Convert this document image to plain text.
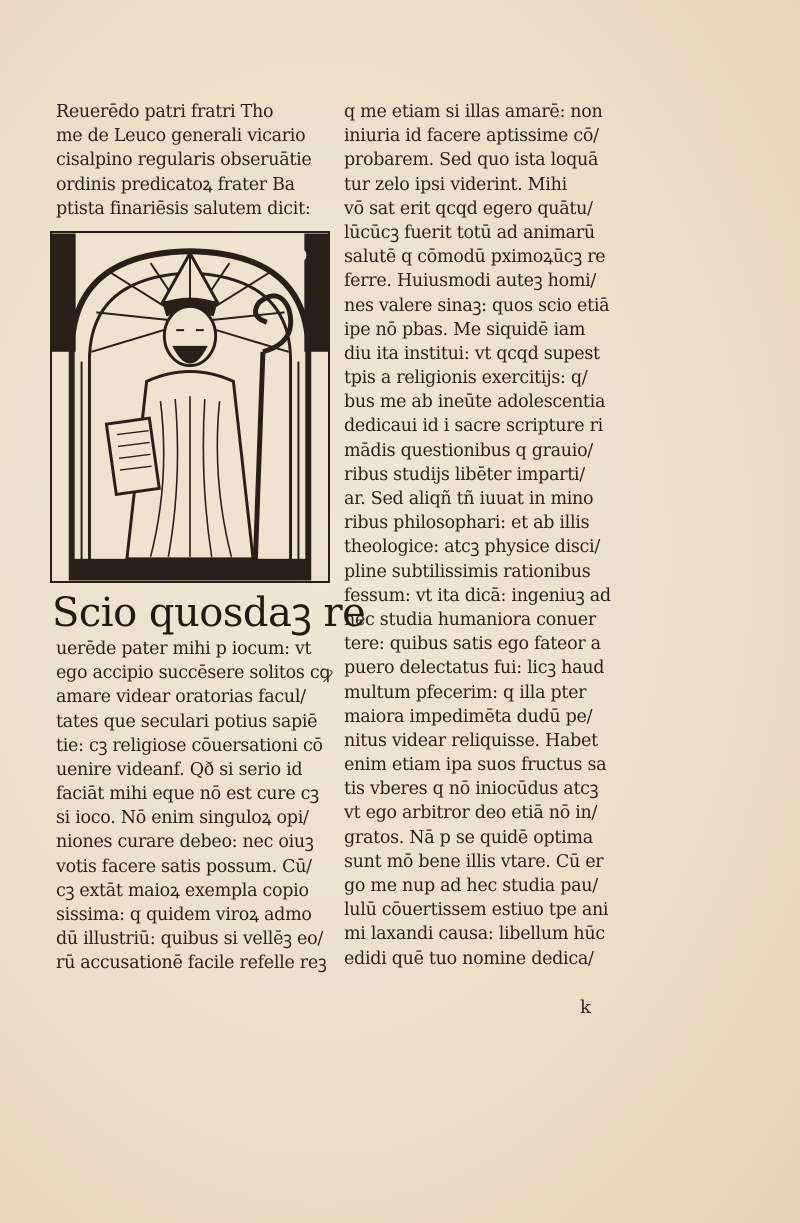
Reuerēdo patri fratri Tho
me de Leuco generali vicario
cisalpino regularis obseruātie
ordinis predicatoꝝ frater Ba
ptista finariēsis salutem dicit:
Scio quosdaꝫ re
uerēde pater mihi p iocum: vt
ego accipio succēsere solitos cꝙ
amare videar oratorias facul/
tates que seculari potius sapiē
tie: cꝫ religiose cōuersationi cō
uenire videanf. Qð si serio id
faciāt mihi eque nō est cure cꝫ
si ioco. Nō enim singuloꝝ opi/
niones curare debeo: nec oiuꝫ
votis facere satis possum. Cū/
cꝫ extāt maioꝝ exempla copio
sissima: q quidem viroꝝ admo
dū illustriū: quibus si vellēꝫ eo/
rū accusationē facile refelle reꝫ
q me etiam si illas amarē: non
iniuria id facere aptissime cō/
probarem. Sed quo ista loquā
tur zelo ipsi viderint. Mihi
vō sat erit qcqd egero quātu/
lūcūcꝫ fuerit totū ad animarū
salutē q cōmodū pximoꝝūcꝫ re
ferre. Huiusmodi auteꝫ homi/
nes valere sinaꝫ: quos scio etiā
ipe nō pbas. Me siquidē iam
diu ita institui: vt qcqd supest
tpis a religionis exercitijs: q/
bus me ab ineūte adolescentia
dedicaui id i sacre scripture ri
mādis questionibus q grauio/
ribus studijs libēter imparti/
ar. Sed aliqñ tñ iuuat in mino
ribus philosophari: et ab illis
theologice: atcꝫ physice disci/
pline subtilissimis rationibus
fessum: vt ita dicā: ingeniuꝫ ad
hec studia humaniora conuer
tere: quibus satis ego fateor a
puero delectatus fui: licꝫ haud
multum pfecerim: q illa pter
maiora impedimēta dudū pe/
nitus videar reliquisse. Habet
enim etiam ipa suos fructus sa
tis vberes q nō iniocūdus atcꝫ
vt ego arbitror deo etiā nō in/
gratos. Nā p se quidē optima
sunt mō bene illis vtare. Cū er
go me nup ad hec studia pau/
lulū cōuertissem estiuo tpe ani
mi laxandi causa: libellum hūc
edidi quē tuo nomine dedica/
k
